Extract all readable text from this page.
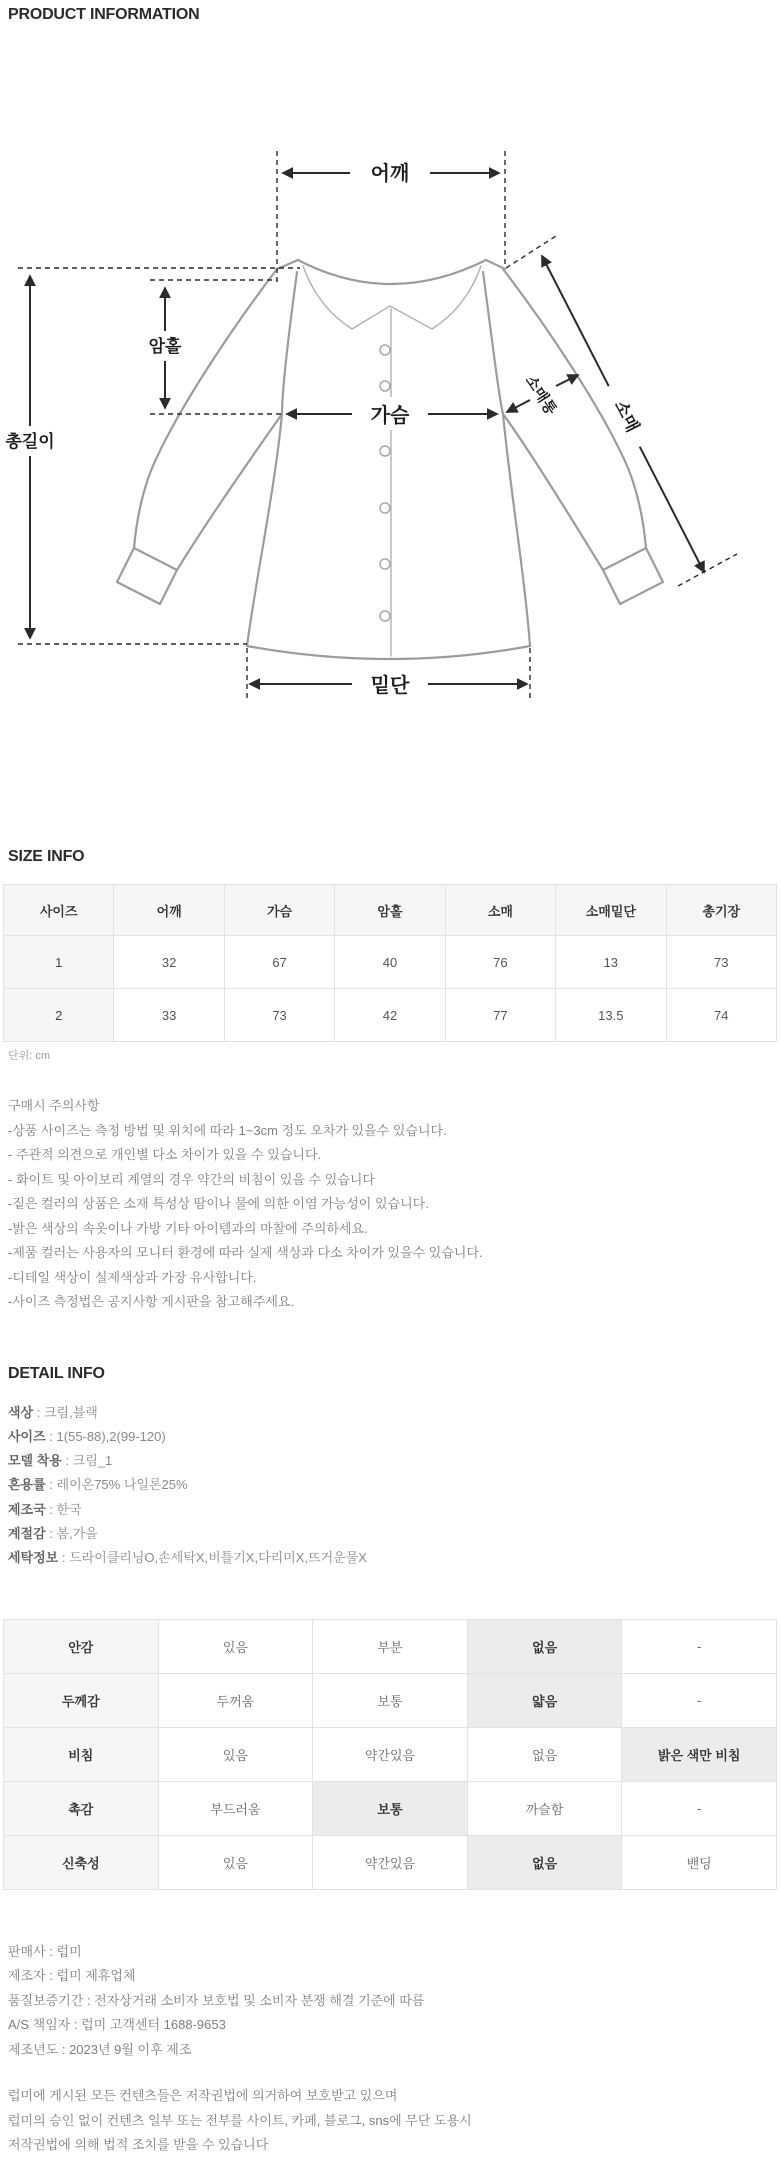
PRODUCT INFORMATION
어깨
총길이
암홀
가슴
밑단
소매
소매통
SIZE INFO
사이즈	어깨	가슴	암홀	소매	소매밑단	총기장
1	32	67	40	76	13	73
2	33	73	42	77	13.5	74
단위: cm
구매시 주의사항
-상품 사이즈는 측정 방법 및 위치에 따라 1~3cm 정도 오차가 있을수 있습니다.
- 주관적 의견으로 개인별 다소 차이가 있을 수 있습니다.
- 화이트 및 아이보리 계열의 경우 약간의 비침이 있을 수 있습니다
-짙은 컬러의 상품은 소재 특성상 땀이나 물에 의한 이염 가능성이 있습니다.
-밝은 색상의 속옷이나 가방 기타 아이템과의 마찰에 주의하세요.
-제품 컬러는 사용자의 모니터 환경에 따라 실제 색상과 다소 차이가 있을수 있습니다.
-디테일 색상이 실제색상과 가장 유사합니다.
-사이즈 측정법은 공지사항 게시판을 참고해주세요.
DETAIL INFO
색상 : 크림,블랙
사이즈 : 1(55-88),2(99-120)
모델 착용 : 크림_1
혼용률 : 레이온75% 나일론25%
제조국 : 한국
계절감 : 봄,가을
세탁정보 : 드라이클리닝O,손세탁X,비틀기X,다리미X,뜨거운물X
안감	있음	부분	없음	-
두께감	두꺼움	보통	얇음	-
비침	있음	약간있음	없음	밝은 색만 비침
촉감	부드러움	보통	까슬함	-
신축성	있음	약간있음	없음	밴딩
판매사 : 럽미
제조자 : 럽미 제휴업체
품질보증기간 : 전자상거래 소비자 보호법 및 소비자 분쟁 해결 기준에 따름
A/S 책임자 : 럽미 고객센터 1688-9653
제조년도 : 2023년 9월 이후 제조
럽미에 게시된 모든 컨텐츠들은 저작권법에 의거하여 보호받고 있으며
럽미의 승인 없이 컨텐츠 일부 또는 전부를 사이트, 카페, 블로그, sns에 무단 도용시
저작권법에 의해 법적 조치를 받을 수 있습니다
